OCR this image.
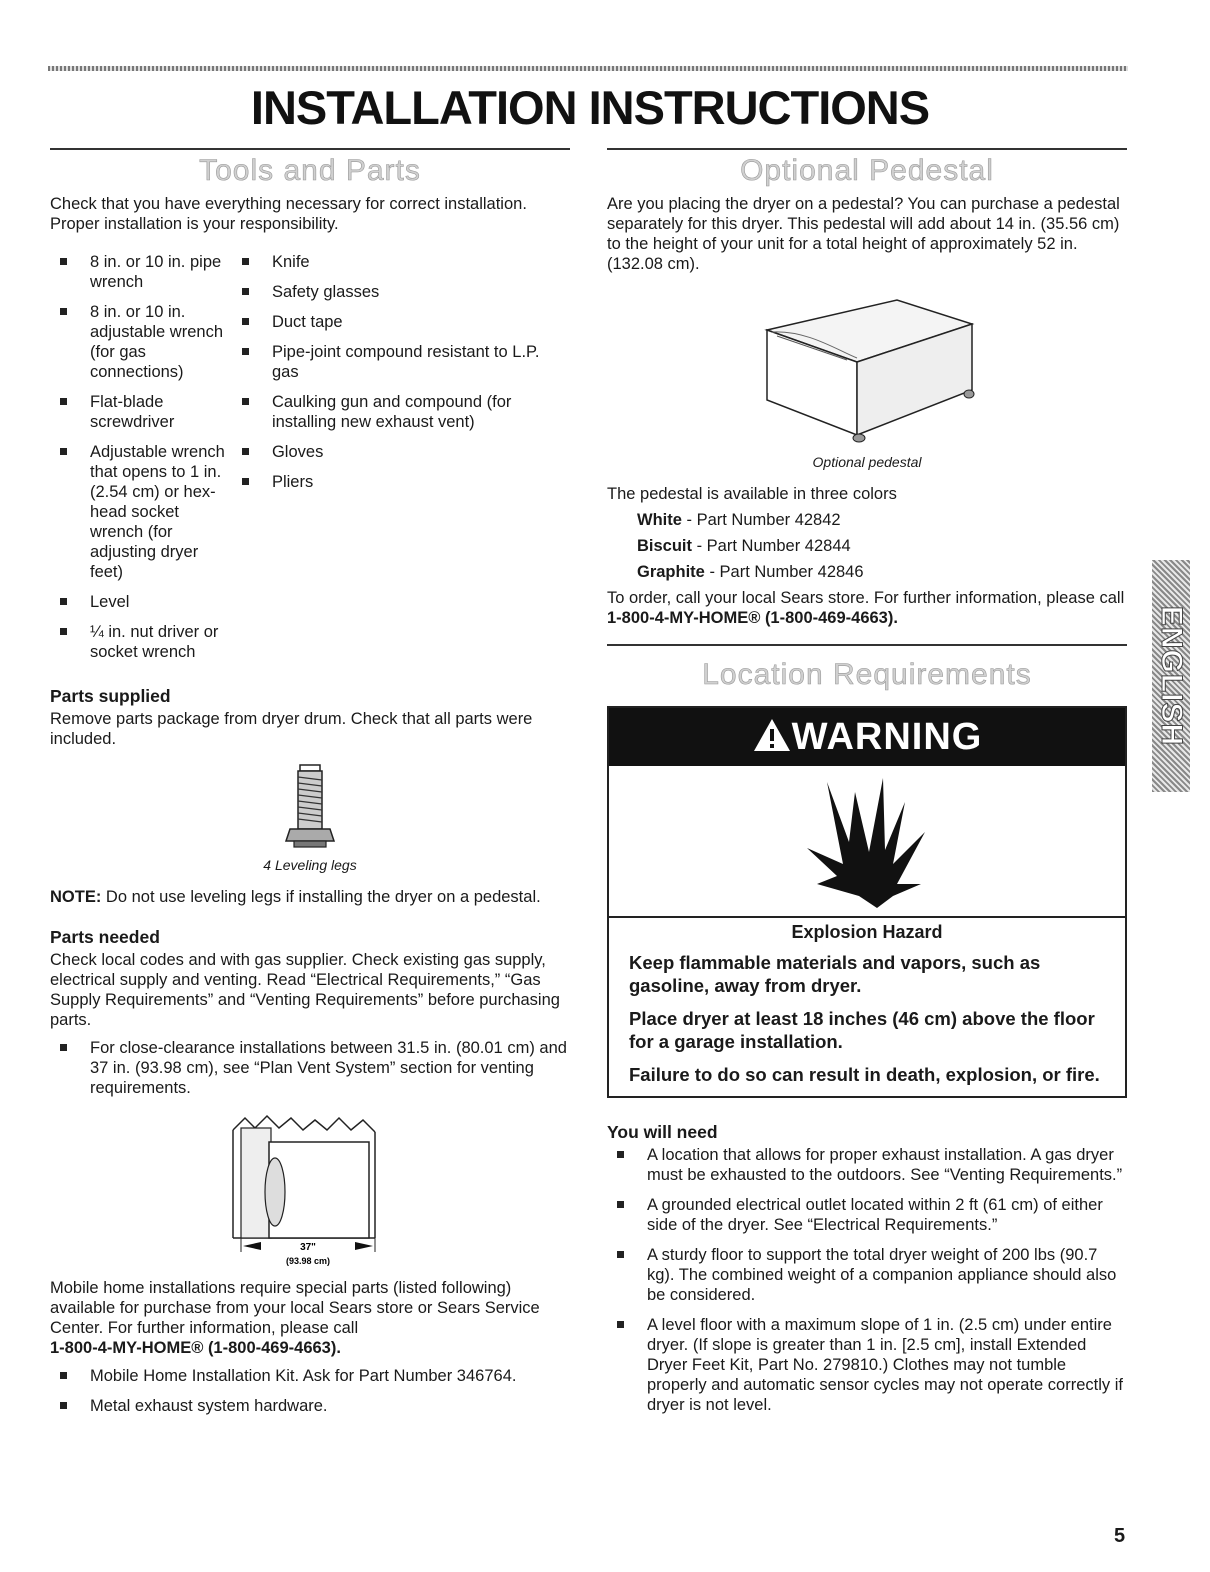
INSTALLATION INSTRUCTIONS
Tools and Parts

Check that you have everything necessary for correct installation. Proper installation is your responsibility.

8 in. or 10 in. pipe wrench
8 in. or 10 in. adjustable wrench (for gas connections)
Flat-blade screwdriver
Adjustable wrench that opens to 1 in. (2.54 cm) or hex-head socket wrench (for adjusting dryer feet)
Level
¼ in. nut driver or socket wrench
Knife
Safety glasses
Duct tape
Pipe-joint compound resistant to L.P. gas
Caulking gun and compound (for installing new exhaust vent)
Gloves
Pliers
Parts supplied

Remove parts package from dryer drum. Check that all parts were included.

4 Leveling legs

NOTE: Do not use leveling legs if installing the dryer on a pedestal.

Parts needed

Check local codes and with gas supplier. Check existing gas supply, electrical supply and venting. Read “Electrical Requirements,” “Gas Supply Requirements” and “Venting Requirements” before purchasing parts.

For close-clearance installations between 31.5 in. (80.01 cm) and 37 in. (93.98 cm), see “Plan Vent System” section for venting requirements.
37"
(93.98 cm)

Mobile home installations require special parts (listed following) available for purchase from your local Sears store or Sears Service Center. For further information, please call
1-800-4-MY-HOME® (1-800-469-4663).

Mobile Home Installation Kit. Ask for Part Number 346764.
Metal exhaust system hardware.
Optional Pedestal

Are you placing the dryer on a pedestal? You can purchase a pedestal separately for this dryer. This pedestal will add about 14 in. (35.56 cm) to the height of your unit for a total height of approximately 52 in. (132.08 cm).

Optional pedestal

The pedestal is available in three colors

White - Part Number 42842

Biscuit - Part Number 42844

Graphite - Part Number 42846

To order, call your local Sears store. For further information, please call 1-800-4-MY-HOME® (1-800-469-4663).

Location Requirements
WARNING
Explosion Hazard
Keep flammable materials and vapors, such as gasoline, away from dryer.
Place dryer at least 18 inches (46 cm) above the floor for a garage installation.
Failure to do so can result in death, explosion, or fire.
You will need
A location that allows for proper exhaust installation. A gas dryer must be exhausted to the outdoors. See “Venting Requirements.”
A grounded electrical outlet located within 2 ft (61 cm) of either side of the dryer. See “Electrical Requirements.”
A sturdy floor to support the total dryer weight of 200 lbs (90.7 kg). The combined weight of a companion appliance should also be considered.
A level floor with a maximum slope of 1 in. (2.5 cm) under entire dryer. (If slope is greater than 1 in. [2.5 cm], install Extended Dryer Feet Kit, Part No. 279810.) Clothes may not tumble properly and automatic sensor cycles may not operate correctly if dryer is not level.
ENGLISH
5
